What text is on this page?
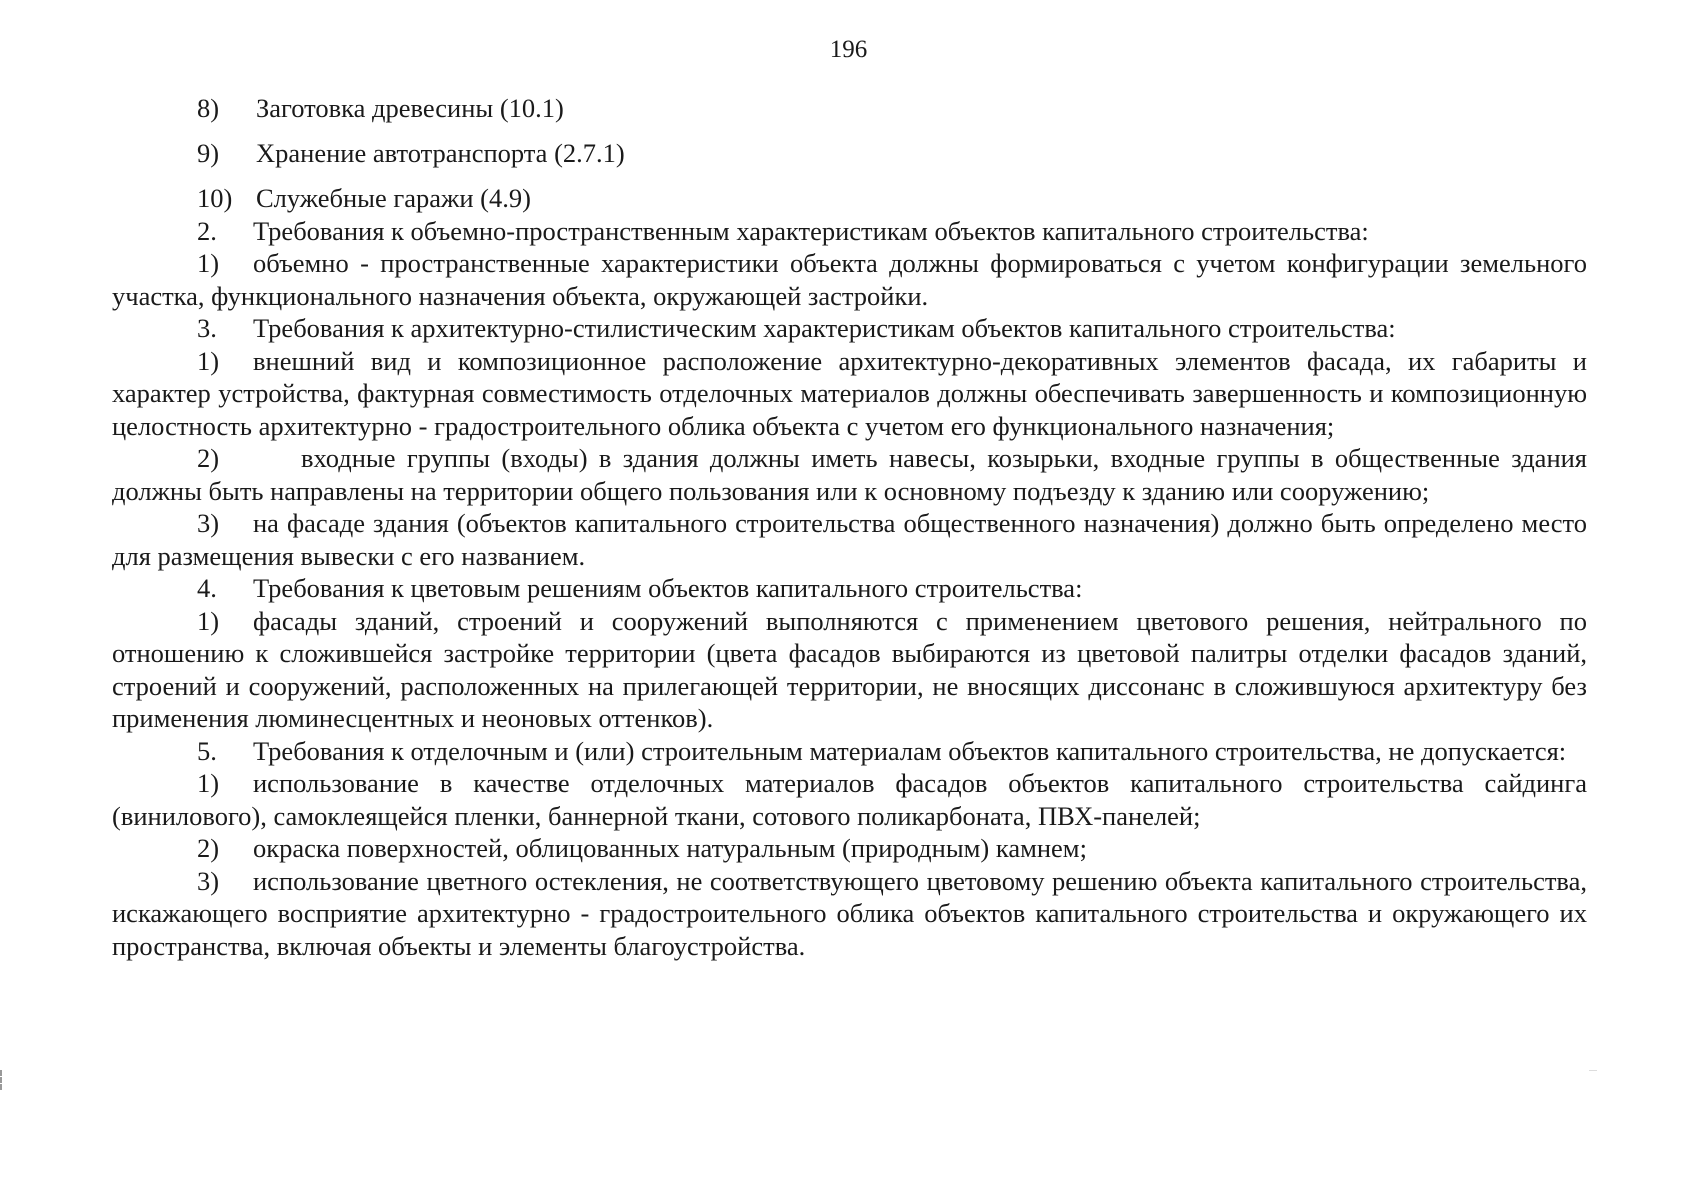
196
8)	Заготовка древесины (10.1)
9)	Хранение автотранспорта (2.7.1)
10) Служебные гаражи (4.9)

2. Требования к объемно-пространственным характеристикам объектов капитального строительства:

1) объемно - пространственные характеристики объекта должны формироваться с учетом конфигурации земельного участка, функционального назначения объекта, окружающей застройки.

3. Требования к архитектурно-стилистическим характеристикам объектов капитального строительства:

1) внешний вид и композиционное расположение архитектурно-декоративных элементов фасада, их габариты и характер устройства, фактурная совместимость отделочных материалов должны обеспечивать завершенность и композиционную целостность архитектурно - градостроительного облика объекта с учетом его функционального назначения;

2)	входные группы (входы) в здания должны иметь навесы, козырьки, входные группы в общественные здания должны быть направлены на территории общего пользования или к основному подъезду к зданию или сооружению;

3) на фасаде здания (объектов капитального строительства общественного назначения) должно быть определено место для размещения вывески с его названием.

4. Требования к цветовым решениям объектов капитального строительства:

1) фасады зданий, строений и сооружений выполняются с применением цветового решения, нейтрального по отношению к сложившейся застройке территории (цвета фасадов выбираются из цветовой палитры отделки фасадов зданий, строений и сооружений, расположенных на прилегающей территории, не вносящих диссонанс в сложившуюся архитектуру без применения люминесцентных и неоновых оттенков).

5. Требования к отделочным и (или) строительным материалам объектов капитального строительства, не допускается:

1) использование в качестве отделочных материалов фасадов объектов капитального строительства сайдинга (винилового), самоклеящейся пленки, баннерной ткани, сотового поликарбоната, ПВХ-панелей;

2) окраска поверхностей, облицованных натуральным (природным) камнем;

3) использование цветного остекления, не соответствующего цветовому решению объекта капитального строительства, искажающего восприятие архитектурно - градостроительного облика объектов капитального строительства и окружающего их пространства, включая объекты и элементы благоустройства.
